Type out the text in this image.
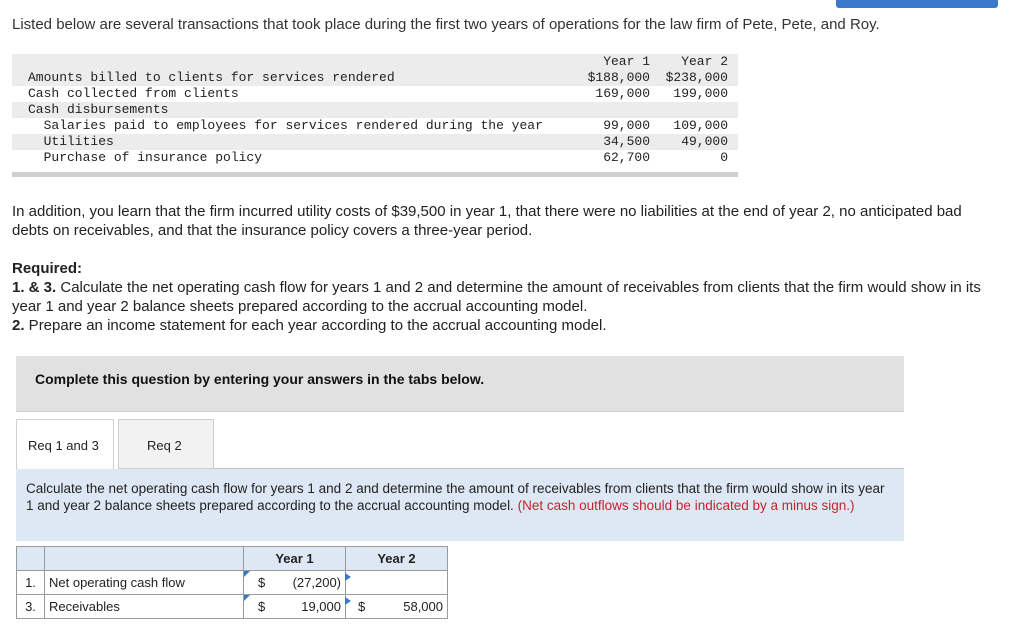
Listed below are several transactions that took place during the first two years of operations for the law firm of Pete, Pete, and Roy.
Year 1 Year 2
Amounts billed to clients for services rendered	$188,000 $238,000
Cash collected from clients	169,000 199,000
Cash disbursements
Salaries paid to employees for services rendered during the year	99,000 109,000
Utilities	34,500 49,000
Purchase of insurance policy	62,700	0
In addition, you learn that the firm incurred utility costs of $39,500 in year 1, that there were no liabilities at the end of year 2, no anticipated bad debts on receivables, and that the insurance policy covers a three-year period.
Required:
1. & 3. Calculate the net operating cash flow for years 1 and 2 and determine the amount of receivables from clients that the firm would show in its year 1 and year 2 balance sheets prepared according to the accrual accounting model.
2. Prepare an income statement for each year according to the accrual accounting model.
Complete this question by entering your answers in the tabs below.
Req 1 and 3	Req 2
Calculate the net operating cash flow for years 1 and 2 and determine the amount of receivables from clients that the firm would show in its year 1 and year 2 balance sheets prepared according to the accrual accounting model. (Net cash outflows should be indicated by a minus sign.)
		Year 1	Year 2
1.	Net operating cash flow	$ (27,200)	

3.	Receivables	$ 19,000	$ 58,000
